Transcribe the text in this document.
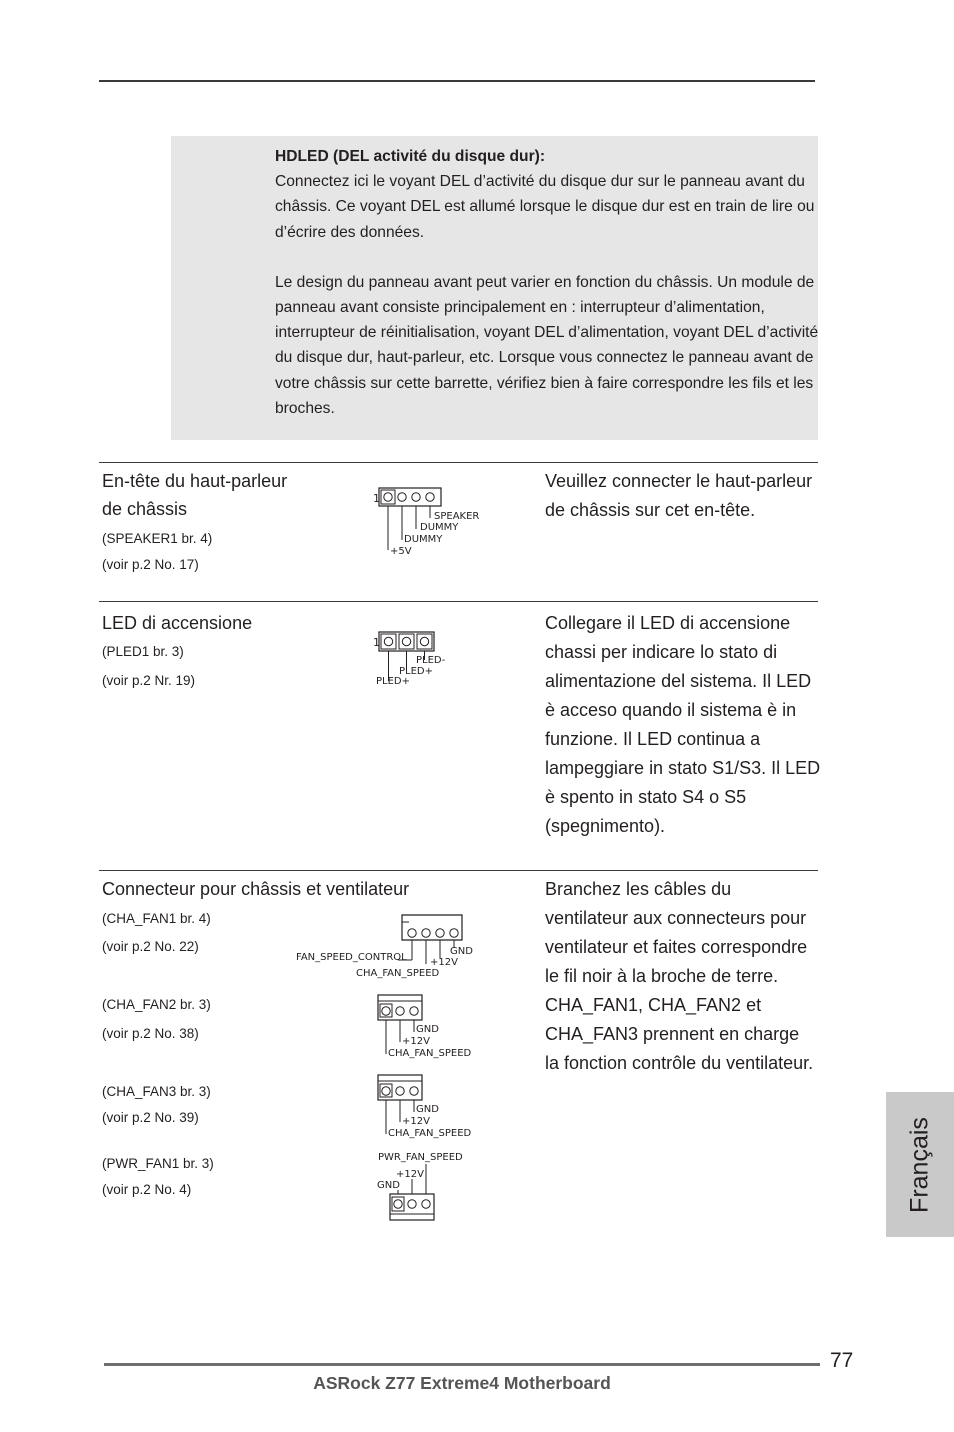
HDLED (DEL activité du disque dur):

Connectez ici le voyant DEL d’activité du disque dur sur le panneau avant du châssis. Ce voyant DEL est allumé lorsque le disque dur est en train de lire ou d’écrire des données.

Le design du panneau avant peut varier en fonction du châssis. Un module de panneau avant consiste principalement en : interrupteur d’alimentation, interrupteur de réinitialisation, voyant DEL d’alimentation, voyant DEL d’activité du disque dur, haut-parleur, etc. Lorsque vous connectez le panneau avant de votre châssis sur cette barrette, vérifiez bien à faire correspondre les fils et les broches.

En-tête du haut-parleur
de châssis
(SPEAKER1 br. 4)
(voir p.2 No. 17)
1
SPEAKER
DUMMY
DUMMY
+5V
Veuillez connecter le haut-parleur de châssis sur cet en-tête.
LED di accensione
(PLED1 br. 3)
(voir p.2 Nr. 19)
1
PLED-
PLED+
PLED+
Collegare il LED di accensione chassi per indicare lo stato di alimentazione del sistema. Il LED è acceso quando il sistema è in funzione. Il LED continua a lampeggiare in stato S1/S3. Il LED è spento in stato S4 o S5 (spegnimento).
Connecteur pour châssis et ventilateur
(CHA_FAN1 br. 4)
(voir p.2 No. 22)
(CHA_FAN2 br. 3)
(voir p.2 No. 38)
(CHA_FAN3 br. 3)
(voir p.2 No. 39)
(PWR_FAN1 br. 3)
(voir p.2 No. 4)
FAN_SPEED_CONTROL +12V
GND
CHA_FAN_SPEED
GND
+12V
CHA_FAN_SPEED
GND
+12V
CHA_FAN_SPEED
PWR_FAN_SPEED
+12V
GND
Branchez les câbles du ventilateur aux connecteurs pour ventilateur et faites correspondre le fil noir à la broche de terre. CHA_FAN1, CHA_FAN2 et CHA_FAN3 prennent en charge la fonction contrôle du ventilateur.
Français
77
ASRock Z77 Extreme4 Motherboard
